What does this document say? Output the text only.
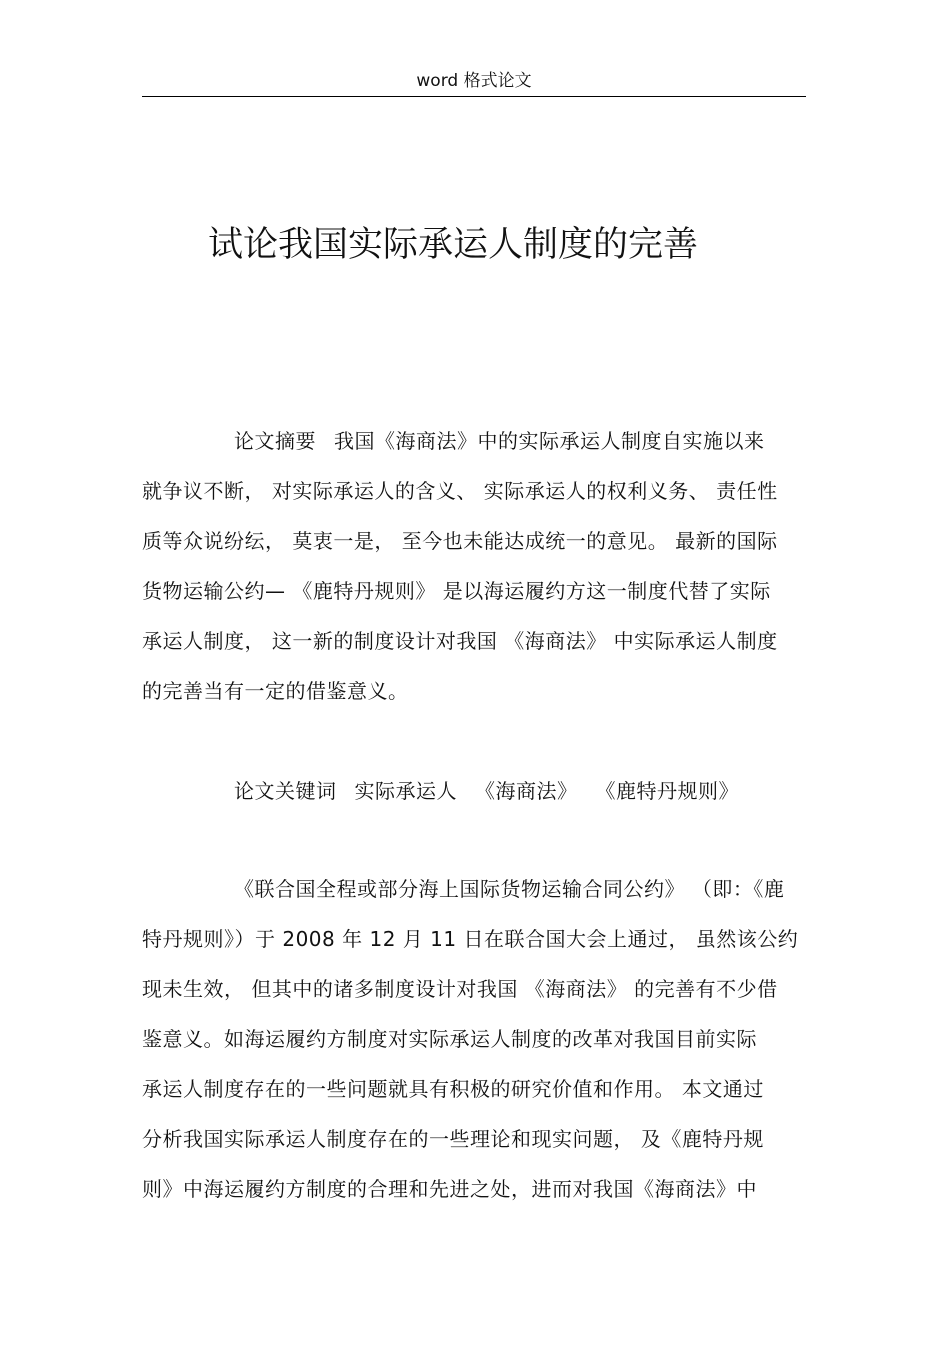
word 格式论文
试论我国实际承运人制度的完善
论文摘要 我国《海商法》中的实际承运人制度自实施以来
就争议不断， 对实际承运人的含义、 实际承运人的权利义务、 责任性
质等众说纷纭， 莫衷一是， 至今也未能达成统一的意见。 最新的国际
货物运输公约— 《鹿特丹规则》 是以海运履约方这一制度代替了实际
承运人制度， 这一新的制度设计对我国 《海商法》 中实际承运人制度
的完善当有一定的借鉴意义。
论文关键词 实际承运人 《海商法》 《鹿特丹规则》
《联合国全程或部分海上国际货物运输合同公约》 （即：《鹿
特丹规则》）于 2008 年 12 月 11 日在联合国大会上通过， 虽然该公约
现未生效， 但其中的诸多制度设计对我国 《海商法》 的完善有不少借
鉴意义。如海运履约方制度对实际承运人制度的改革对我国目前实际
承运人制度存在的一些问题就具有积极的研究价值和作用。 本文通过
分析我国实际承运人制度存在的一些理论和现实问题， 及《鹿特丹规
则》中海运履约方制度的合理和先进之处，进而对我国《海商法》中
